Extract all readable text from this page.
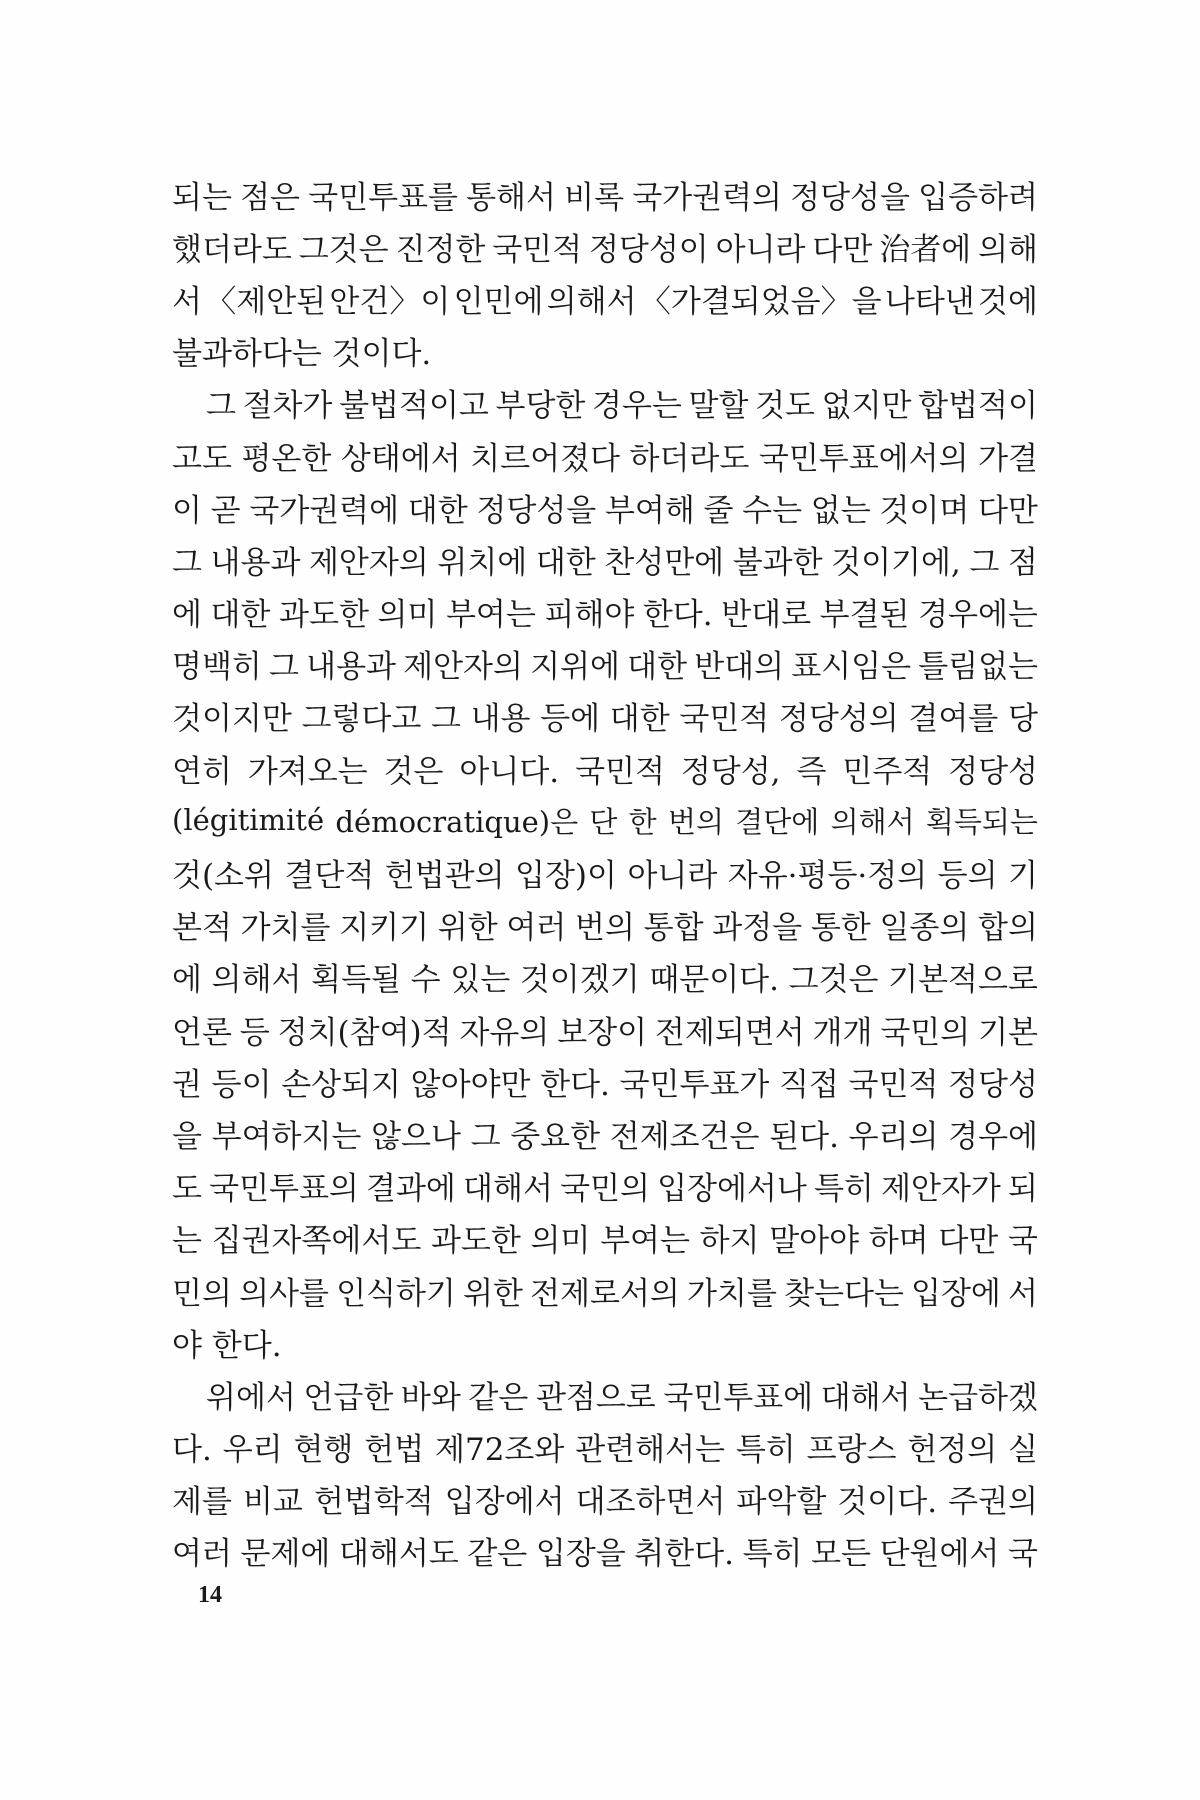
되는 점은 국민투표를 통해서 비록 국가권력의 정당성을 입증하려
했더라도 그것은 진정한 국민적 정당성이 아니라 다만 治者에 의해
서 〈제안된 안건〉이 인민에 의해서 〈가결되었음〉을 나타낸 것에
불과하다는 것이다.
그 절차가 불법적이고 부당한 경우는 말할 것도 없지만 합법적이
고도 평온한 상태에서 치르어졌다 하더라도 국민투표에서의 가결
이 곧 국가권력에 대한 정당성을 부여해 줄 수는 없는 것이며 다만
그 내용과 제안자의 위치에 대한 찬성만에 불과한 것이기에, 그 점
에 대한 과도한 의미 부여는 피해야 한다. 반대로 부결된 경우에는
명백히 그 내용과 제안자의 지위에 대한 반대의 표시임은 틀림없는
것이지만 그렇다고 그 내용 등에 대한 국민적 정당성의 결여를 당
연히 가져오는 것은 아니다. 국민적 정당성, 즉 민주적 정당성
(légitimité démocratique)은 단 한 번의 결단에 의해서 획득되는
것(소위 결단적 헌법관의 입장)이 아니라 자유·평등·정의 등의 기
본적 가치를 지키기 위한 여러 번의 통합 과정을 통한 일종의 합의
에 의해서 획득될 수 있는 것이겠기 때문이다. 그것은 기본적으로
언론 등 정치(참여)적 자유의 보장이 전제되면서 개개 국민의 기본
권 등이 손상되지 않아야만 한다. 국민투표가 직접 국민적 정당성
을 부여하지는 않으나 그 중요한 전제조건은 된다. 우리의 경우에
도 국민투표의 결과에 대해서 국민의 입장에서나 특히 제안자가 되
는 집권자쪽에서도 과도한 의미 부여는 하지 말아야 하며 다만 국
민의 의사를 인식하기 위한 전제로서의 가치를 찾는다는 입장에 서
야 한다.
위에서 언급한 바와 같은 관점으로 국민투표에 대해서 논급하겠
다. 우리 현행 헌법 제72조와 관련해서는 특히 프랑스 헌정의 실
제를 비교 헌법학적 입장에서 대조하면서 파악할 것이다. 주권의
여러 문제에 대해서도 같은 입장을 취한다. 특히 모든 단원에서 국
14
